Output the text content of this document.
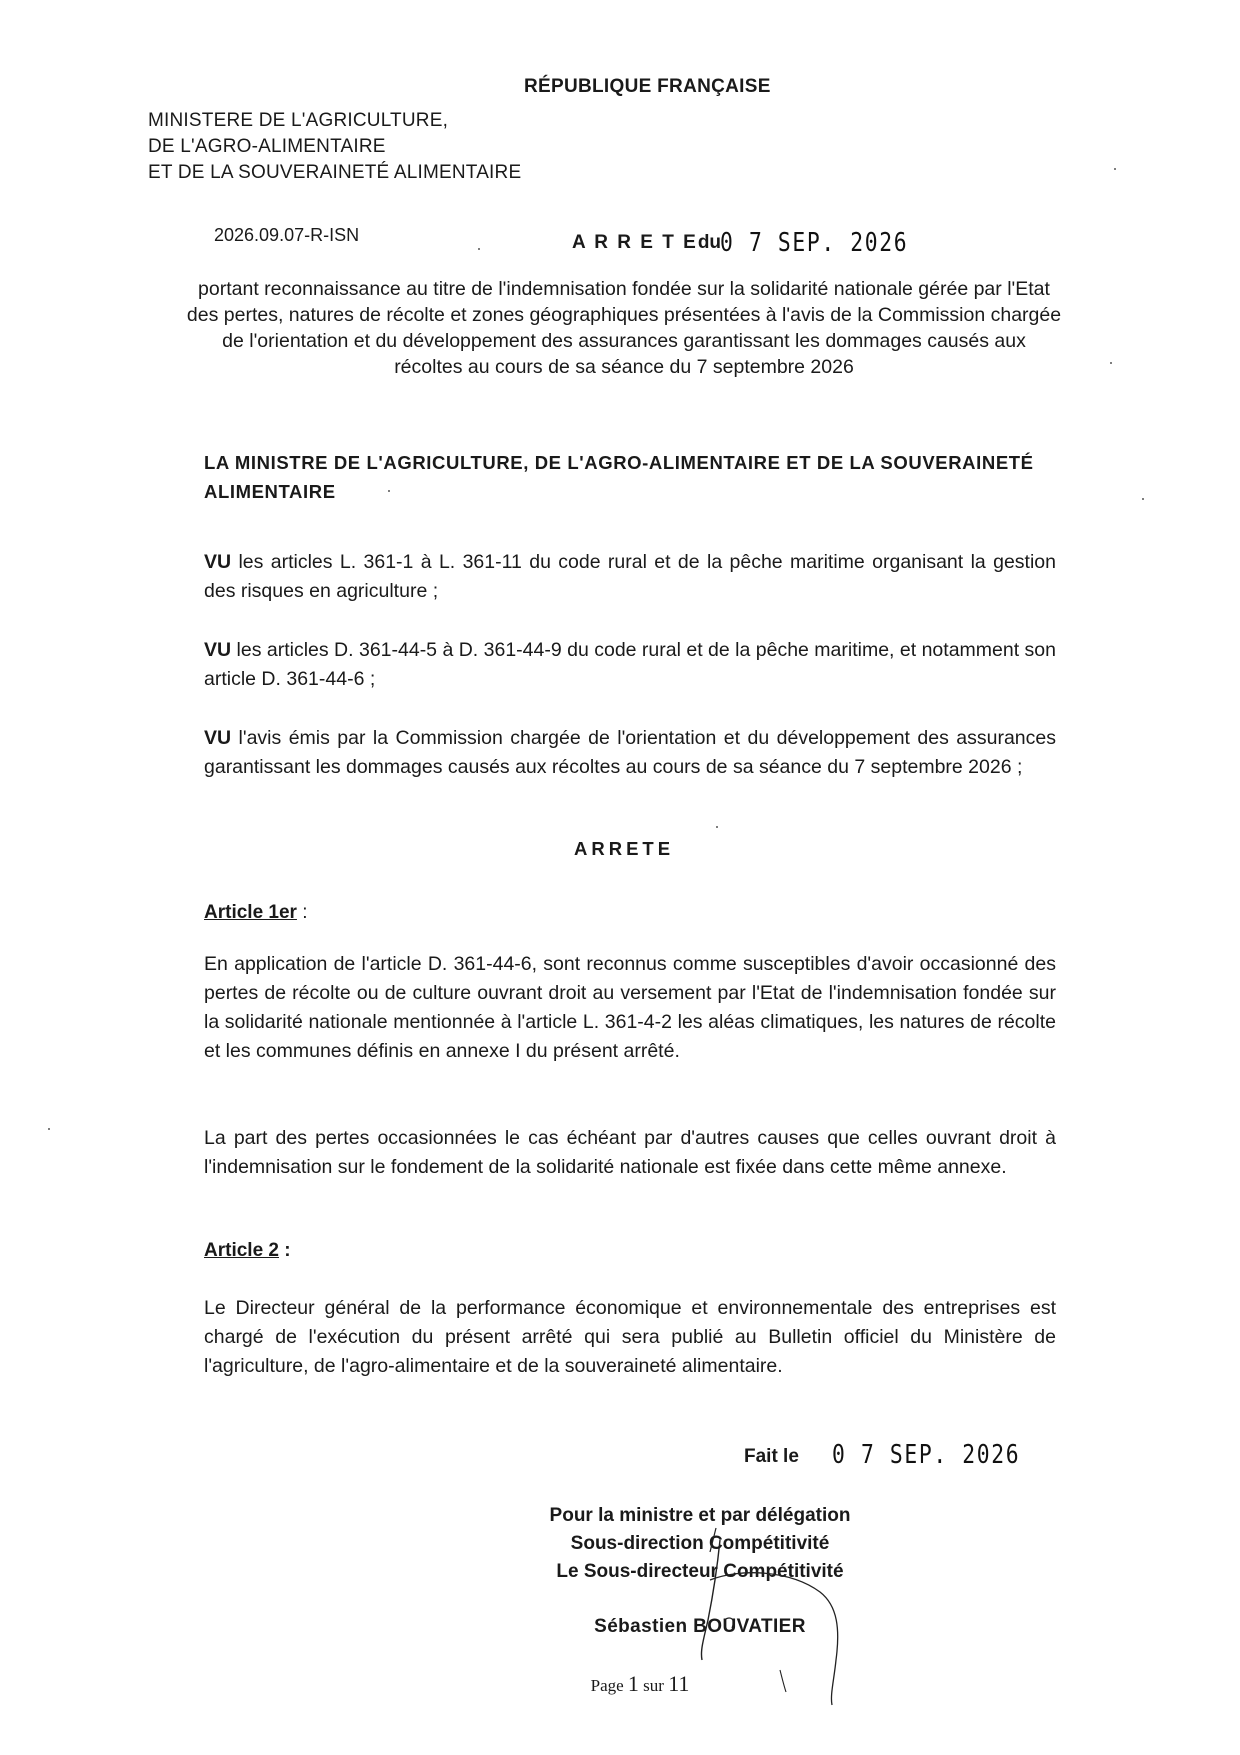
RÉPUBLIQUE FRANÇAISE
MINISTERE DE L'AGRICULTURE,
DE L'AGRO-ALIMENTAIRE
ET DE LA SOUVERAINETÉ ALIMENTAIRE
2026.09.07-R-ISN	A R R E T Edu
0 7 SEP. 2026
portant reconnaissance au titre de l'indemnisation fondée sur la solidarité nationale gérée par l'Etat
des pertes, natures de récolte et zones géographiques présentées à l'avis de la Commission chargée
de l'orientation et du développement des assurances garantissant les dommages causés aux
récoltes au cours de sa séance du 7 septembre 2026
LA MINISTRE DE L'AGRICULTURE, DE L'AGRO-ALIMENTAIRE ET DE LA SOUVERAINETÉ ALIMENTAIRE
VU les articles L. 361-1 à L. 361-11 du code rural et de la pêche maritime organisant la gestion des risques en agriculture ;
VU les articles D. 361-44-5 à D. 361-44-9 du code rural et de la pêche maritime, et notamment son article D. 361-44-6 ;
VU l'avis émis par la Commission chargée de l'orientation et du développement des assurances garantissant les dommages causés aux récoltes au cours de sa séance du 7 septembre 2026 ;
ARRETE
Article 1er :
En application de l'article D. 361-44-6, sont reconnus comme susceptibles d'avoir occasionné des pertes de récolte ou de culture ouvrant droit au versement par l'Etat de l'indemnisation fondée sur la solidarité nationale mentionnée à l'article L. 361-4-2 les aléas climatiques, les natures de récolte et les communes définis en annexe I du présent arrêté.
La part des pertes occasionnées le cas échéant par d'autres causes que celles ouvrant droit à l'indemnisation sur le fondement de la solidarité nationale est fixée dans cette même annexe.
Article 2 :
Le Directeur général de la performance économique et environnementale des entreprises est chargé de l'exécution du présent arrêté qui sera publié au Bulletin officiel du Ministère de l'agriculture, de l'agro-alimentaire et de la souveraineté alimentaire.
Fait le 0 7 SEP. 2026
Pour la ministre et par délégation
Sous-direction Compétitivité
Le Sous-directeur Compétitivité
Sébastien BOUVATIER
Page 1 sur 11
